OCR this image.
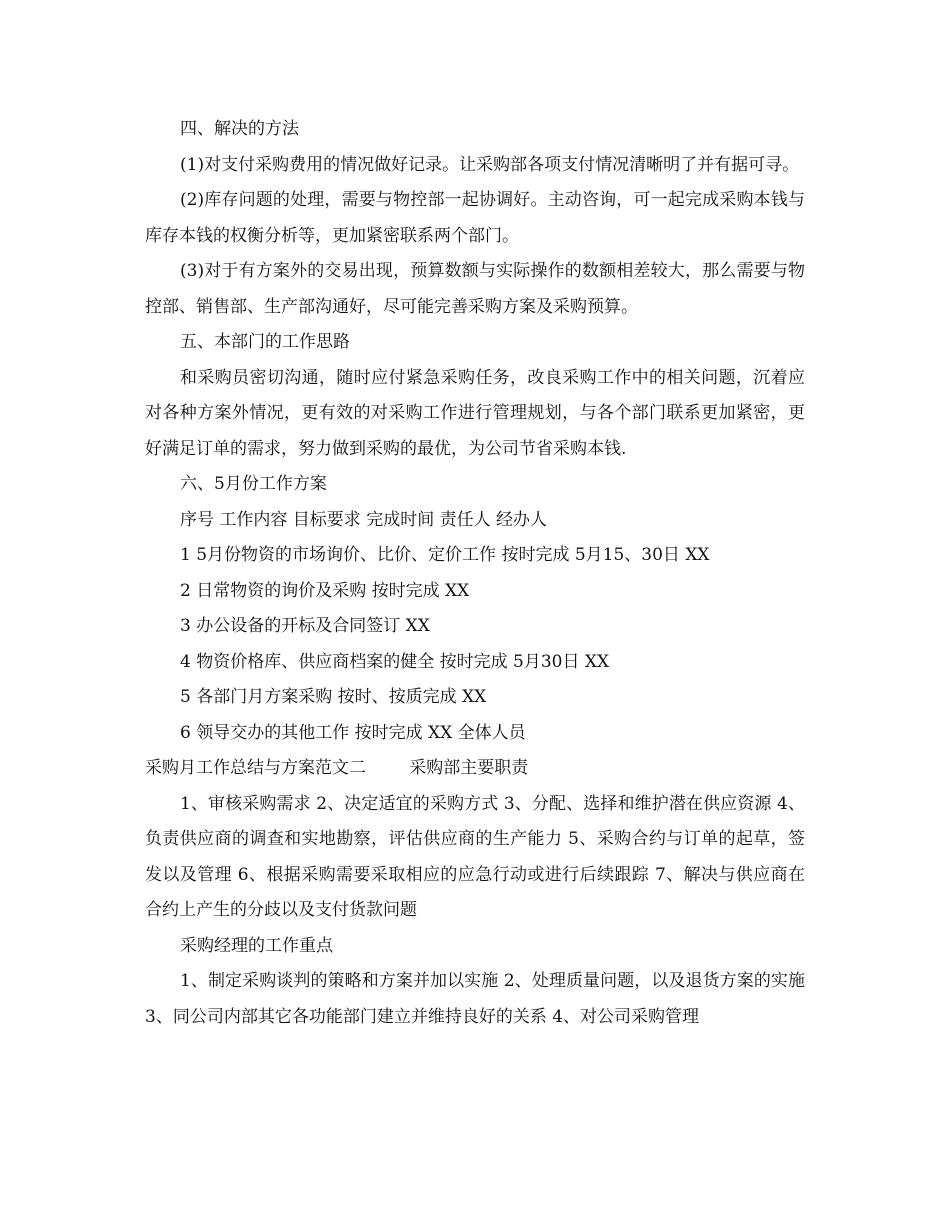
四、解决的方法

(1)对支付采购费用的情况做好记录。让采购部各项支付情况清晰明了并有据可寻。

(2)库存问题的处理，需要与物控部一起协调好。主动咨询，可一起完成采购本钱与库存本钱的权衡分析等，更加紧密联系两个部门。

(3)对于有方案外的交易出现，预算数额与实际操作的数额相差较大，那么需要与物控部、销售部、生产部沟通好，尽可能完善采购方案及采购预算。

五、本部门的工作思路

和采购员密切沟通，随时应付紧急采购任务，改良采购工作中的相关问题，沉着应对各种方案外情况，更有效的对采购工作进行管理规划，与各个部门联系更加紧密，更好满足订单的需求，努力做到采购的最优，为公司节省采购本钱.

六、5月份工作方案

序号 工作内容 目标要求 完成时间 责任人 经办人

1 5月份物资的市场询价、比价、定价工作 按时完成 5月15、30日 XX

2 日常物资的询价及采购 按时完成 XX

3 办公设备的开标及合同签订 XX

4 物资价格库、供应商档案的健全 按时完成 5月30日 XX

5 各部门月方案采购 按时、按质完成 XX

6 领导交办的其他工作 按时完成 XX 全体人员

采购月工作总结与方案范文二	采购部主要职责

1、审核采购需求 2、决定适宜的采购方式 3、分配、选择和维护潜在供应资源 4、负责供应商的调查和实地勘察，评估供应商的生产能力 5、采购合约与订单的起草，签发以及管理 6、根据采购需要采取相应的应急行动或进行后续跟踪 7、解决与供应商在合约上产生的分歧以及支付货款问题

采购经理的工作重点

1、制定采购谈判的策略和方案并加以实施 2、处理质量问题，以及退货方案的实施 3、同公司内部其它各功能部门建立并维持良好的关系 4、对公司采购管理
